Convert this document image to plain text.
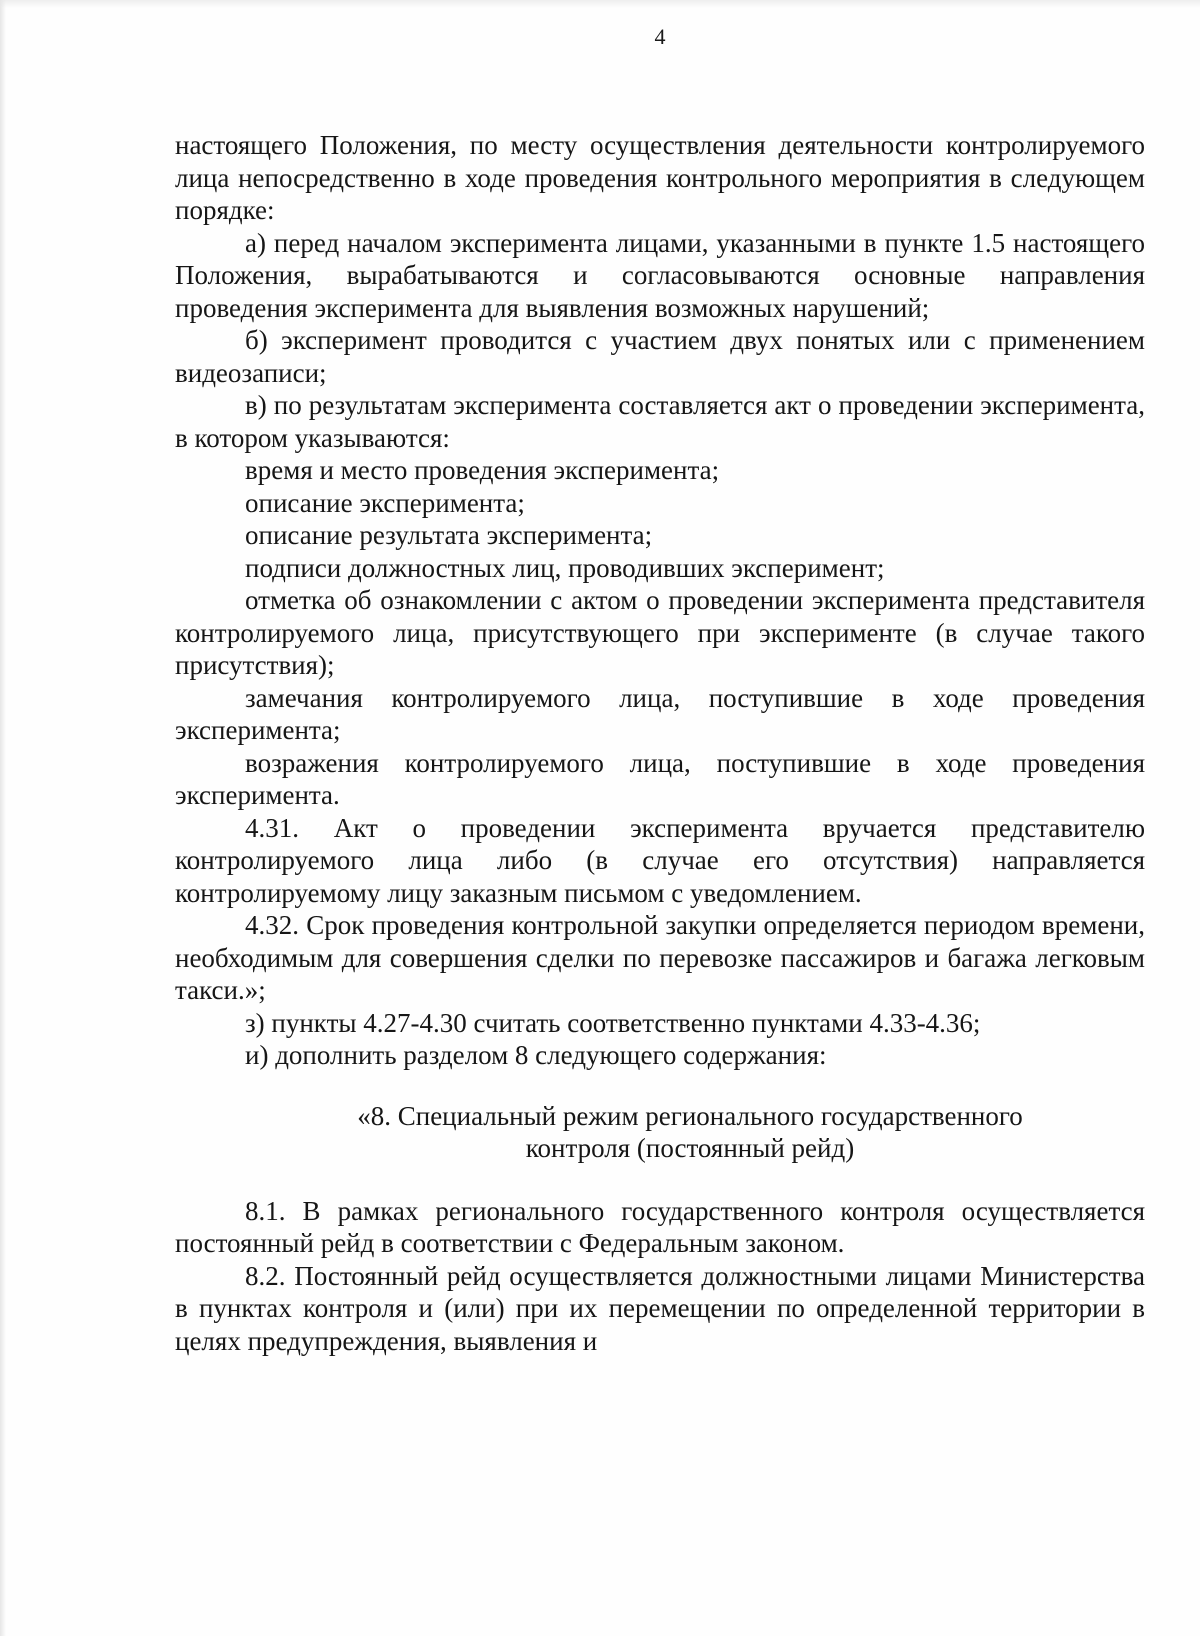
4

настоящего Положения, по месту осуществления деятельности контролируемого лица непосредственно в ходе проведения контрольного мероприятия в следующем порядке:

а) перед началом эксперимента лицами, указанными в пункте 1.5 настоящего Положения, вырабатываются и согласовываются основные направления проведения эксперимента для выявления возможных нарушений;

б) эксперимент проводится с участием двух понятых или с применением видеозаписи;

в) по результатам эксперимента составляется акт о проведении эксперимента, в котором указываются:

время и место проведения эксперимента;

описание эксперимента;

описание результата эксперимента;

подписи должностных лиц, проводивших эксперимент;

отметка об ознакомлении с актом о проведении эксперимента представителя контролируемого лица, присутствующего при эксперименте (в случае такого присутствия);

замечания контролируемого лица, поступившие в ходе проведения эксперимента;

возражения контролируемого лица, поступившие в ходе проведения эксперимента.

4.31. Акт о проведении эксперимента вручается представителю контролируемого лица либо (в случае его отсутствия) направляется контролируемому лицу заказным письмом с уведомлением.

4.32. Срок проведения контрольной закупки определяется периодом времени, необходимым для совершения сделки по перевозке пассажиров и багажа легковым такси.»;

з) пункты 4.27-4.30 считать соответственно пунктами 4.33-4.36;

и) дополнить разделом 8 следующего содержания:

«8. Специальный режим регионального государственного
контроля (постоянный рейд)

8.1. В рамках регионального государственного контроля осуществляется постоянный рейд в соответствии с Федеральным законом.

8.2. Постоянный рейд осуществляется должностными лицами Министерства в пунктах контроля и (или) при их перемещении по определенной территории в целях предупреждения, выявления и
